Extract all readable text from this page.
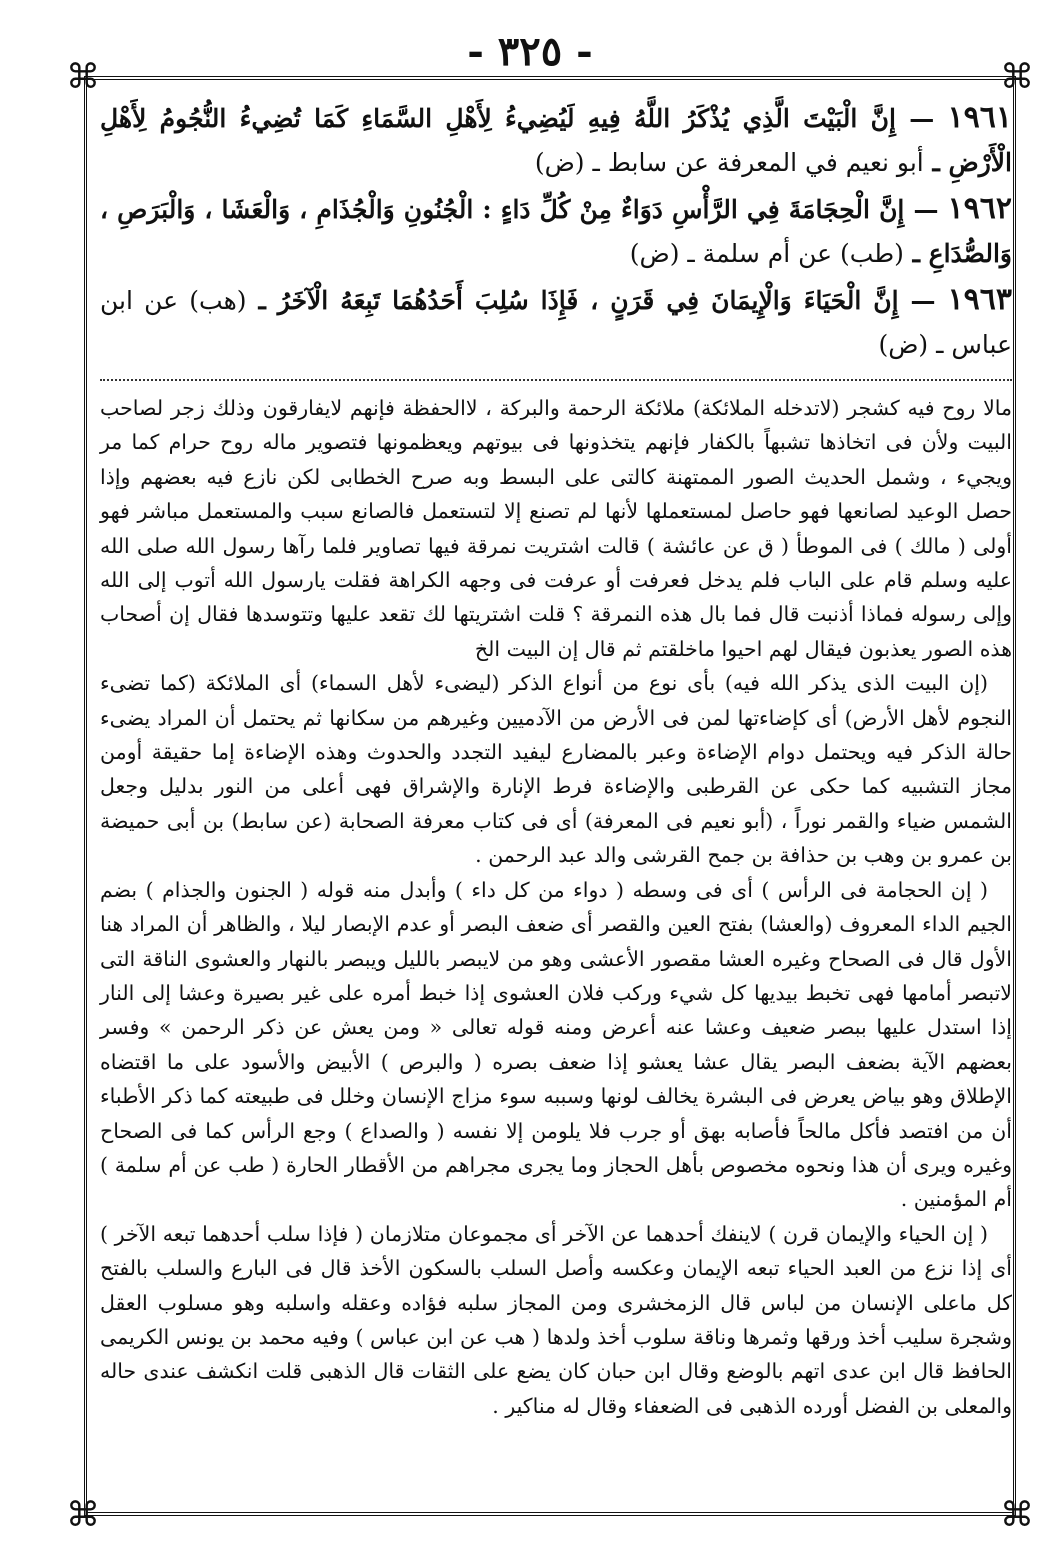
- ٣٢٥ -
⌘	⌘
⌘	⌘

١٩٦١ — إِنَّ الْبَيْتَ الَّذِي يُذْكَرُ اللَّهُ فِيهِ لَيُضِيءُ لِأَهْلِ السَّمَاءِ كَمَا تُضِيءُ النُّجُومُ لِأَهْلِ الْأَرْضِ ـ أبو نعيم في المعرفة عن سابط ـ (ض)

١٩٦٢ — إِنَّ الْحِجَامَةَ فِي الرَّأْسِ دَوَاءٌ مِنْ كُلِّ دَاءٍ : الْجُنُونِ وَالْجُذَامِ ، وَالْعَشَا ، وَالْبَرَصِ ، وَالصُّدَاعِ ـ (طب) عن أم سلمة ـ (ض)

١٩٦٣ — إِنَّ الْحَيَاءَ وَالْإِيمَانَ فِي قَرَنٍ ، فَإِذَا سُلِبَ أَحَدُهُمَا تَبِعَهُ الْآخَرُ ـ (هب) عن ابن عباس ـ (ض)

مالا روح فيه كشجر (لاتدخله الملائكة) ملائكة الرحمة والبركة ، لاالحفظة فإنهم لايفارقون وذلك زجر لصاحب البيت ولأن فى اتخاذها تشبهاً بالكفار فإنهم يتخذونها فى بيوتهم ويعظمونها فتصوير ماله روح حرام كما مر ويجيء ، وشمل الحديث الصور الممتهنة كالتى على البسط وبه صرح الخطابى لكن نازع فيه بعضهم وإذا حصل الوعيد لصانعها فهو حاصل لمستعملها لأنها لم تصنع إلا لتستعمل فالصانع سبب والمستعمل مباشر فهو أولى ( مالك ) فى الموطأ ( ق عن عائشة ) قالت اشتريت نمرقة فيها تصاوير فلما رآها رسول الله صلى الله عليه وسلم قام على الباب فلم يدخل فعرفت أو عرفت فى وجهه الكراهة فقلت يارسول الله أتوب إلى الله وإلى رسوله فماذا أذنبت قال فما بال هذه النمرقة ؟ قلت اشتريتها لك تقعد عليها وتتوسدها فقال إن أصحاب هذه الصور يعذبون فيقال لهم احيوا ماخلقتم ثم قال إن البيت الخ

(إن البيت الذى يذكر الله فيه) بأى نوع من أنواع الذكر (ليضىء لأهل السماء) أى الملائكة (كما تضىء النجوم لأهل الأرض) أى كإضاءتها لمن فى الأرض من الآدميين وغيرهم من سكانها ثم يحتمل أن المراد يضىء حالة الذكر فيه ويحتمل دوام الإضاءة وعبر بالمضارع ليفيد التجدد والحدوث وهذه الإضاءة إما حقيقة أومن مجاز التشبيه كما حكى عن القرطبى والإضاءة فرط الإنارة والإشراق فهى أعلى من النور بدليل وجعل الشمس ضياء والقمر نوراً ، (أبو نعيم فى المعرفة) أى فى كتاب معرفة الصحابة (عن سابط) بن أبى حميضة بن عمرو بن وهب بن حذافة بن جمح القرشى والد عبد الرحمن .

( إن الحجامة فى الرأس ) أى فى وسطه ( دواء من كل داء ) وأبدل منه قوله ( الجنون والجذام ) بضم الجيم الداء المعروف (والعشا) بفتح العين والقصر أى ضعف البصر أو عدم الإبصار ليلا ، والظاهر أن المراد هنا الأول قال فى الصحاح وغيره العشا مقصور الأعشى وهو من لايبصر بالليل ويبصر بالنهار والعشوى الناقة التى لاتبصر أمامها فهى تخبط بيديها كل شيء وركب فلان العشوى إذا خبط أمره على غير بصيرة وعشا إلى النار إذا استدل عليها ببصر ضعيف وعشا عنه أعرض ومنه قوله تعالى « ومن يعش عن ذكر الرحمن » وفسر بعضهم الآية بضعف البصر يقال عشا يعشو إذا ضعف بصره ( والبرص ) الأبيض والأسود على ما اقتضاه الإطلاق وهو بياض يعرض فى البشرة يخالف لونها وسببه سوء مزاج الإنسان وخلل فى طبيعته كما ذكر الأطباء أن من افتصد فأكل مالحاً فأصابه بهق أو جرب فلا يلومن إلا نفسه ( والصداع ) وجع الرأس كما فى الصحاح وغيره ويرى أن هذا ونحوه مخصوص بأهل الحجاز وما يجرى مجراهم من الأقطار الحارة ( طب عن أم سلمة ) أم المؤمنين .

( إن الحياء والإيمان قرن ) لاينفك أحدهما عن الآخر أى مجموعان متلازمان ( فإذا سلب أحدهما تبعه الآخر ) أى إذا نزع من العبد الحياء تبعه الإيمان وعكسه وأصل السلب بالسكون الأخذ قال فى البارع والسلب بالفتح كل ماعلى الإنسان من لباس قال الزمخشرى ومن المجاز سلبه فؤاده وعقله واسلبه وهو مسلوب العقل وشجرة سليب أخذ ورقها وثمرها وناقة سلوب أخذ ولدها ( هب عن ابن عباس ) وفيه محمد بن يونس الكريمى الحافظ قال ابن عدى اتهم بالوضع وقال ابن حبان كان يضع على الثقات قال الذهبى قلت انكشف عندى حاله والمعلى بن الفضل أورده الذهبى فى الضعفاء وقال له مناكير .
